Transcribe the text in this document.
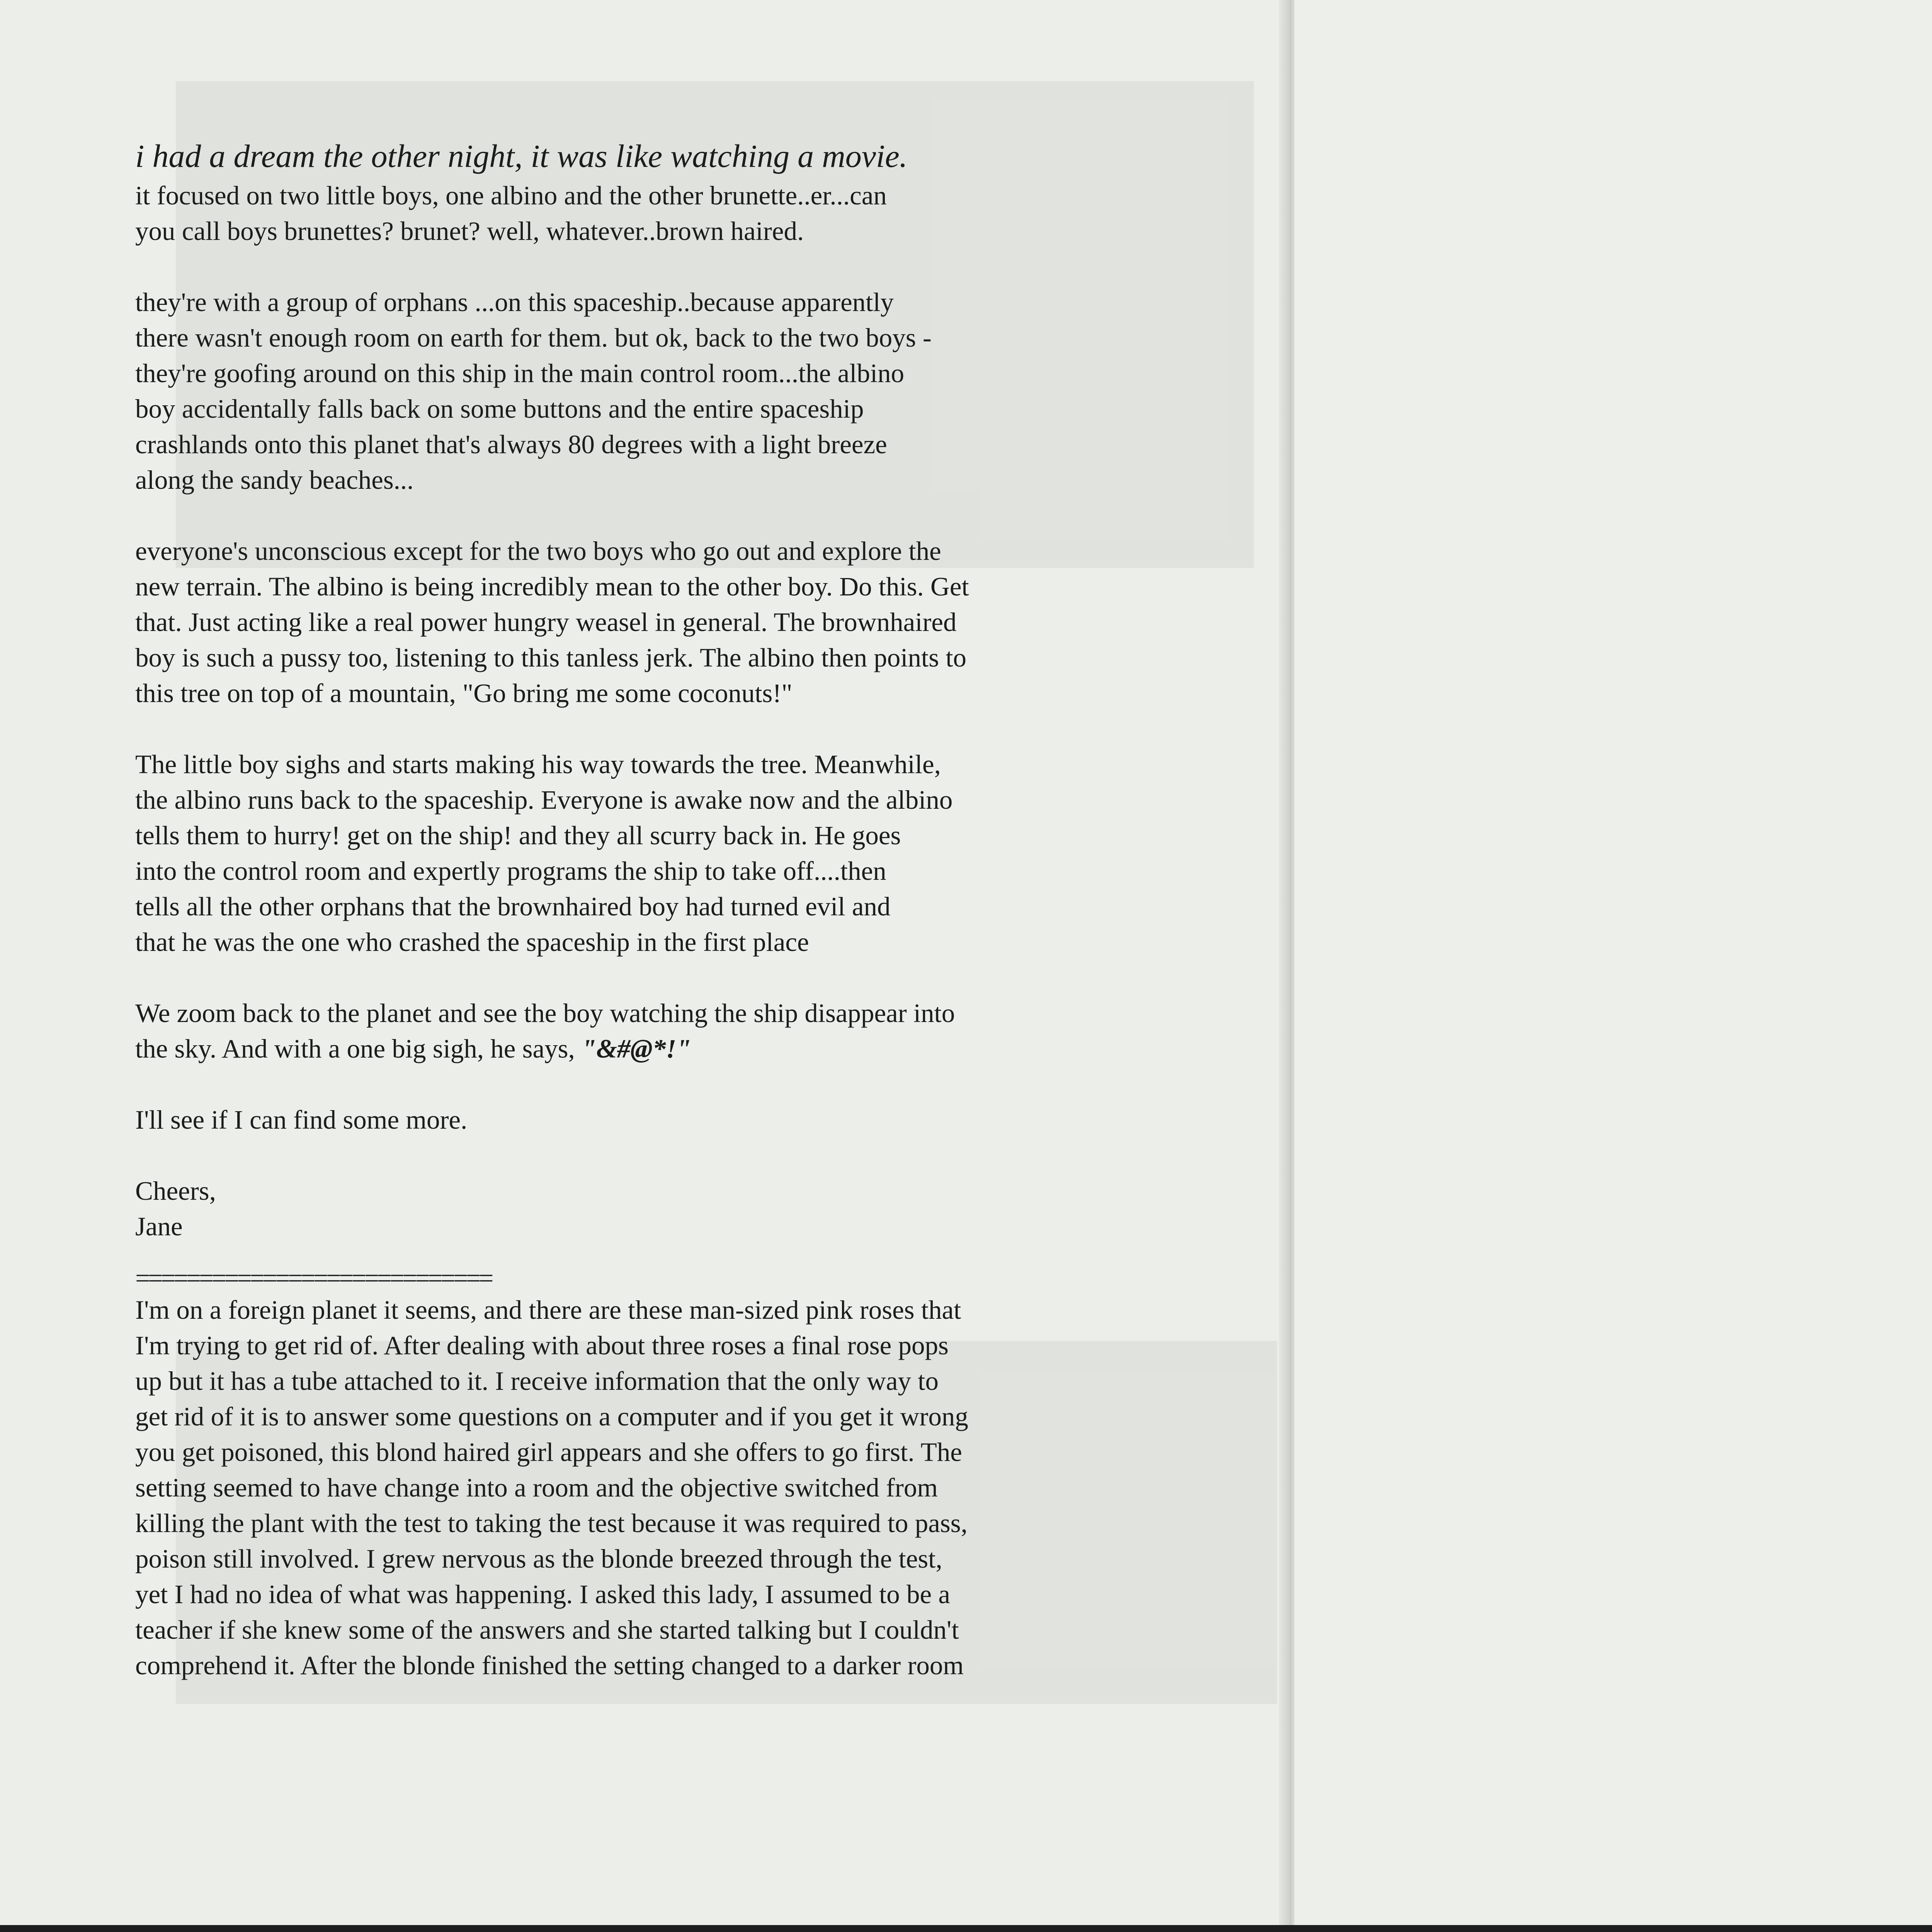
i had a dream the other night, it was like watching a movie.

it focused on two little boys, one albino and the other brunette..er...can

you call boys brunettes? brunet? well, whatever..brown haired.

they're with a group of orphans ...on this spaceship..because apparently

there wasn't enough room on earth for them. but ok, back to the two boys -

they're goofing around on this ship in the main control room...the albino

boy accidentally falls back on some buttons and the entire spaceship

crashlands onto this planet that's always 80 degrees with a light breeze

along the sandy beaches...

everyone's unconscious except for the two boys who go out and explore the

new terrain. The albino is being incredibly mean to the other boy. Do this. Get

that. Just acting like a real power hungry weasel in general. The brownhaired

boy is such a pussy too, listening to this tanless jerk. The albino then points to

this tree on top of a mountain, "Go bring me some coconuts!"

The little boy sighs and starts making his way towards the tree. Meanwhile,

the albino runs back to the spaceship. Everyone is awake now and the albino

tells them to hurry! get on the ship! and they all scurry back in. He goes

into the control room and expertly programs the ship to take off....then

tells all the other orphans that the brownhaired boy had turned evil and

that he was the one who crashed the spaceship in the first place

We zoom back to the planet and see the boy watching the ship disappear into

the sky. And with a one big sigh, he says, "&#@*!"

I'll see if I can find some more.

Cheers,

Jane

============================

I'm on a foreign planet it seems, and there are these man-sized pink roses that

I'm trying to get rid of. After dealing with about three roses a final rose pops

up but it has a tube attached to it. I receive information that the only way to

get rid of it is to answer some questions on a computer and if you get it wrong

you get poisoned, this blond haired girl appears and she offers to go first. The

setting seemed to have change into a room and the objective switched from

killing the plant with the test to taking the test because it was required to pass,

poison still involved. I grew nervous as the blonde breezed through the test,

yet I had no idea of what was happening. I asked this lady, I assumed to be a

teacher if she knew some of the answers and she started talking but I couldn't

comprehend it. After the blonde finished the setting changed to a darker room
